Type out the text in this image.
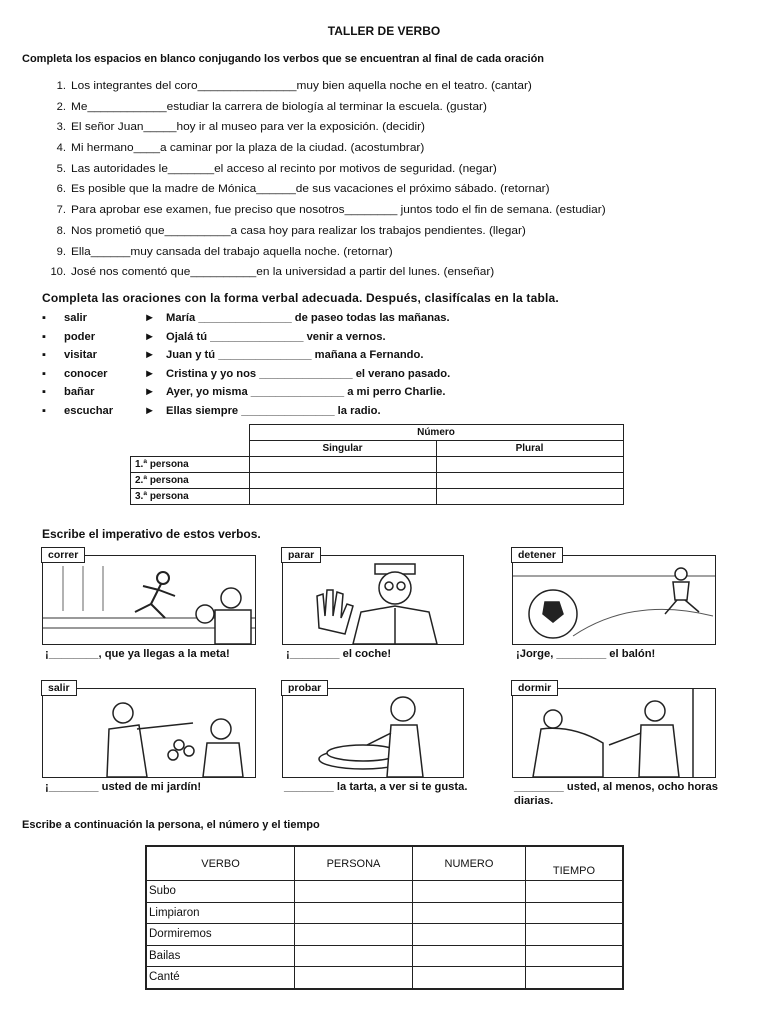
TALLER DE VERBO
Completa los espacios en blanco conjugando los verbos que se encuentran al final de cada oración
1. Los integrantes del coro_______________muy bien aquella noche en el teatro. (cantar)
2. Me____________estudiar la carrera de biología al terminar la escuela. (gustar)
3. El señor Juan_____hoy ir al museo para ver la exposición. (decidir)
4. Mi hermano____a caminar por la plaza de la ciudad. (acostumbrar)
5. Las autoridades le_______el acceso al recinto por motivos de seguridad. (negar)
6. Es posible que la madre de Mónica______de sus vacaciones el próximo sábado. (retornar)
7. Para aprobar ese examen, fue preciso que nosotros________ juntos todo el fin de semana. (estudiar)
8. Nos prometió que__________a casa hoy para realizar los trabajos pendientes. (llegar)
9. Ella______muy cansada del trabajo aquella noche. (retornar)
10. José nos comentó que__________en la universidad a partir del lunes. (enseñar)
Completa las oraciones con la forma verbal adecuada. Después, clasifícalas en la tabla.
▪ salir	► María _______________ de paseo todas las mañanas.
▪ poder	► Ojalá tú _______________ venir a vernos.
▪ visitar	► Juan y tú _______________ mañana a Fernando.
▪ conocer	► Cristina y yo nos _______________ el verano pasado.
▪ bañar	► Ayer, yo misma _______________ a mi perro Charlie.
▪ escuchar	► Ellas siempre _______________ la radio.
	Número	
	Singular	Plural
1.ª persona		
2.ª persona		
3.ª persona		
Escribe el imperativo de estos verbos.
correr
¡________, que ya llegas a la meta!
parar
¡________ el coche!
detener
¡Jorge, ________ el balón!
salir
¡________ usted de mi jardín!
probar
________ la tarta, a ver si te gusta.
dormir
________ usted, al menos, ocho horas diarias.
Escribe a continuación la persona, el número y el tiempo
VERBO	PERSONA	NUMERO	TIEMPO
Subo			
Limpiaron			
Dormiremos			
Bailas			
Canté			
